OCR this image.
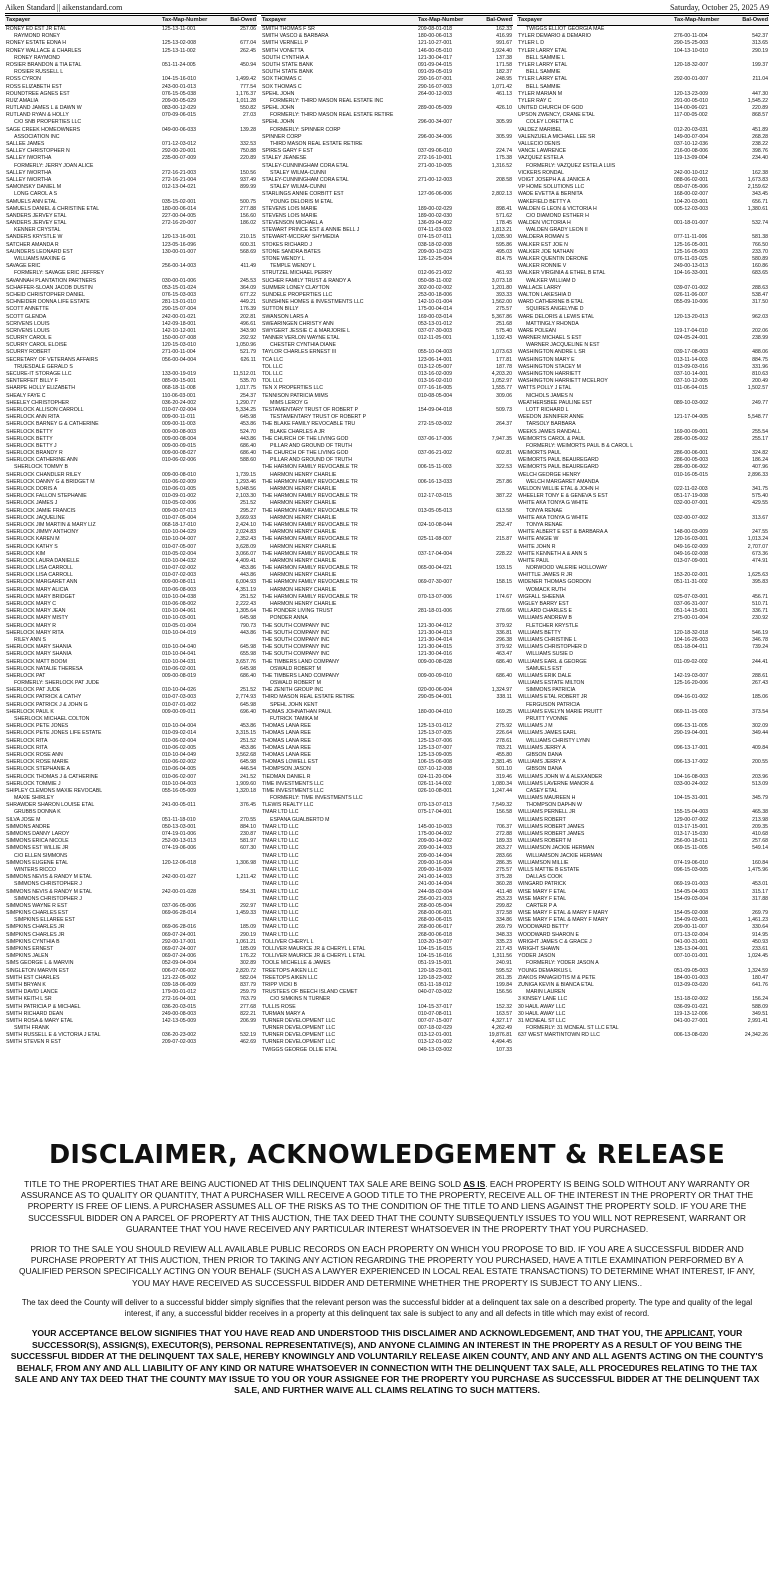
Aiken Standard || aikenstandard.com	Saturday, October 25, 2025 A9
Taxpayer	Tax-Map-Number	Bal-Owed
RONEY ED EST JR ETAL	125-13-11-001	257.06
RAYMOND RONEY
RONEY ESTATE EDNA H	125-13-02-008	677.04
RONEY WALLACE & CHARLES	125-13-11-002	262.45
RONEY RAYMOND
ROSIER BRANDON & TIA ETAL	051-11-24-005	450.94
ROSIER RUSSELL L
ROSS CYRON	104-15-16-010	1,499.42
ROSS ELIZABETH EST	243-00-01-013	777.54
ROUNDTREE AGNES EST	076-15-05-038	1,176.37
RUIZ AMALIA	209-00-05-029	1,011.28
RUTLAND JAMES L & DAWN W	083-00-12-029	550.82
RUTLAND RYAN & HOLLY	070-09-06-015	27.03
C/O SNB PROPERTIES LLC
SAGE CREEK HOMEOWNERS	049-00-06-033	139.28
ASSOCIATION INC
SALLEE JAMES	071-12-03-012	332.53
SALLEY CHRISTOPHER N	292-00-20-001	750.88
SALLEY IWORTHA	235-00-07-009	220.89
FORMERLY: JERRY JOAN ALICE
SALLEY IWORTHA	272-16-21-003	150.56
SALLEY IWORTHA	272-16-21-004	937.49
SAMONSKY DANIEL M	012-13-04-021	899.99
LONG CAROL A S
SAMUELS ANN ETAL	035-15-02-001	500.75
SAMUELS DANIEL & CHRISTINE ETAL	180-00-06-014	277.88
SANDERS JERVEY ETAL	227-00-04-005	156.60
SANDERS JERVEY ETAL	272-16-20-007	186.02
KENNER CRYSTAL
SANDERS KRYSTLE W	120-13-16-001	210.15
SATCHER AMANDA R	123-05-16-096	600.31
SAUNDERS LEONARD EST	130-00-01-007	568.69
WILLIAMS MAXINE G
SAVAGE ERIC	256-00-14-003	411.49
FORMERLY: SAVAGE ERIC JEFFREY
SAVANNAH PLANTATION PARTNERS	030-00-01-006	245.53
SCHAFFER-SLOAN JACOB DUSTIN	053-15-01-024	364.09
SCHEID CHRISTOPHER DANIEL	076-15-03-003	677.22
SCHNEIDER DONNA LIFE ESTATE	281-13-01-010	449.21
SCOTT ANNETTE	290-15-07-004	176.39
SCOTT GLENDA	242-00-01-021	202.81
SCRIVENS LOUIS	142-09-18-001	496.61
SCRIVENS LOUIS	142-10-12-001	343.90
SCURRY CAROL E	150-00-07-008	292.92
SCURRY CAROL ELOISE	120-15-03-010	1,050.96
SCURRY ROBERT	271-00-11-004	521.79
SECRETARY OF VETERANS AFFAIRS	056-00-04-004	626.11
TRUESDALE GERALD S
SECURE-IT STORAGE LLC	133-00-19-019	11,512.01
SENTERFEIT BILLY F	085-00-15-001	535.70
SHARPE HOLLY ELIZABETH	068-18-11-008	1,017.75
SHEALY FAYE C	110-06-03-001	254.37
SHEELEY CHRISTOPHER	036-20-24-002	1,290.77
SHERLOCK ALLISON CARROLL	010-07-02-004	5,334.25
SHERLOCK ANN RITA	009-00-11-011	645.98
SHERLOCK BARNEY G & CATHERINE	009-00-11-003	453.86
SHERLOCK BETTY	009-00-08-003	524.70
SHERLOCK BETTY	009-00-08-004	443.86
SHERLOCK BETTY J	009-00-09-015	686.40
SHERLOCK BRANDY R	009-00-08-027	686.40
SHERLOCK CATHERINE ANN	010-06-02-006	588.60
SHERLOCK TOMMY B
SHERLOCK CHANDLER RILEY	009-00-08-010	1,739.15
SHERLOCK DANNY G & BRIDGET M	010-06-02-009	1,293.46
SHERLOCK DORIS A	010-06-01-005	5,048.56
SHERLOCK FALLON STEPHANIE	010-09-01-002	2,103.30
SHERLOCK JAMES J	010-05-02-006	251.52
SHERLOCK JAMIE FRANCIS	009-00-07-013	295.27
SHERLOCK JAQUELINE	010-07-05-004	3,669.93
SHERLOCK JIM MARTIN & MARY LIZ	068-18-17-010	2,424.10
SHERLOCK JIMMY ANTHONY	010-10-04-029	2,024.83
SHERLOCK KAREN M	010-10-04-007	2,352.43
SHERLOCK KATHY S	010-07-05-007	3,628.09
SHERLOCK KIM	010-05-02-004	3,066.07
SHERLOCK LAURA DANIELLE	010-10-04-032	4,409.41
SHERLOCK LISA CARROLL	010-07-02-002	453.86
SHERLOCK LISA CARROLL	010-07-02-003	443.86
SHERLOCK MARGARET ANN	009-00-08-011	6,004.93
SHERLOCK MARY ALICIA	010-06-08-003	4,351.19
SHERLOCK MARY BRIDGET	010-10-04-038	251.52
SHERLOCK MARY C	010-06-08-002	2,222.43
SHERLOCK MARY JEAN	010-10-04-061	1,305.64
SHERLOCK MARY MISTY	010-10-03-001	645.98
SHERLOCK MARY R	010-05-01-004	790.73
SHERLOCK MARY RITA	010-10-04-019	443.86
RILEY ANN S
SHERLOCK MARY SHANIA	010-10-04-040	645.98
SHERLOCK MARY SHANIA	010-10-04-041	655.98
SHERLOCK MATT BOOM	010-10-04-031	3,657.76
SHERLOCK NATALIE THERESA	010-06-02-001	645.98
SHERLOCK PAT	009-00-08-019	686.40
FORMERLY: SHERLOCK PAT JUDE
SHERLOCK PAT JUDE	010-10-04-026	251.52
SHERLOCK PATRICK & CATHY	010-07-03-003	2,774.93
SHERLOCK PATRICK J & JOHN G	010-07-01-002	645.98
SHERLOCK PAUL K	009-00-09-011	696.40
SHERLOCK MICHAEL COLTON
SHERLOCK PETE JONES	010-10-04-004	453.86
SHERLOCK PETE JONES LIFE ESTATE	010-09-02-014	3,315.15
SHERLOCK RITA	010-06-02-004	251.52
SHERLOCK RITA	010-06-02-005	453.86
SHERLOCK ROSE ANN	010-10-04-049	3,562.68
SHERLOCK ROSE MARIE	010-06-02-002	645.98
SHERLOCK STEPHANIE A	010-06-04-005	446.54
SHERLOCK THOMAS J & CATHERINE	010-06-02-007	241.52
SHERLOCK TOMMIE J	010-10-04-003	1,909.60
SHIPLEY CLEMONS MAXIE REVOCABL	055-16-05-009	1,320.18
MAXIE SHIRLEY
SHRAWDER SHARON LOUISE ETAL	241-00-05-011	376.45
GRUBBS DONNA K
SILVA JOSE M	051-11-18-010	270.55
SIMMONS ANDRE	050-13-03-001	884.10
SIMMONS DANNY LAROY	074-19-01-006	230.87
SIMMONS ERICA NICOLE	252-00-13-013	581.97
SIMMONS EST WILLIE JR	074-19-06-006	607.30
C/O ELLEN SIMMONS
SIMMONS EUGENE ETAL	120-12-06-018	1,306.98
WINTERS RICCO
SIMMONS NEVIS & RANDY M ETAL	242-00-01-027	1,211.42
SIMMONS CHRISTOPHER J
SIMMONS NEVIS & RANDY M ETAL	242-00-01-028	554.31
SIMMONS CHRISTOPHER J
SIMMONS WAYNE R EST	037-06-05-006	292.97
SIMPKINS CHARLES EST	069-06-28-014	1,459.33
SIMPKINS ELLAREE EST
SIMPKINS CHARLES JR	069-06-28-016	185.09
SIMPKINS CHARLES JR	069-07-24-001	290.19
SIMPKINS CYNTHIA B	292-00-17-001	1,061.21
SIMPKINS ERNEST	069-07-24-007	185.09
SIMPKINS JALEN	069-07-24-006	176.22
SIMS GEORGE L & MARVIN	052-09-04-004	302.89
SINGLETON MARVIN EST	006-07-06-002	2,820.72
SMITH EST CHARLES	121-22-05-002	582.04
SMITH BRYAN K	039-18-06-009	837.79
SMITH DAVID LANCE	179-00-01-012	259.79
SMITH KEITH L SR	272-16-04-001	763.79
SMITH PATRICIA P & MICHAEL	036-20-03-015	277.68
SMITH RICHARD DEAN	249-00-08-003	822.21
SMITH ROSA & MARY ETAL	142-13-05-009	206.99
SMITH FRANK
SMITH RUSSELL E & VICTORIA J ETAL	036-20-23-002	532.19
SMITH STEVEN R EST	209-07-02-003	462.69
Taxpayer	Tax-Map-Number	Bal-Owed
SMITH THOMAS F SR	209-08-01-018	162.33
SMITH VASCO & BARBARA	180-00-06-013	416.99
SMITH VERNELL P	121-10-27-001	991.67
SMITH VONETTA	146-00-05-010	1,924.40
SOUTH CYNTHIA A	121-30-04-017	137.38
SOUTH STATE BANK	091-09-04-015	171.58
SOUTH STATE BANK	091-09-05-019	182.37
SOX THOMAS C	290-16-07-001	248.95
SOX THOMAS C	290-16-07-003	1,071.42
SPEHL JOHN	264-00-12-003	461.13
FORMERLY: THIRD MASON REAL ESTATE INC
SPEHL JOHN	289-00-05-009	426.10
FORMERLY: THIRD MASON REAL ESTATE RETIRE
SPEHL JOHN	296-00-34-007	305.99
FORMERLY: SPINNER CORP
SPINNER CORP	296-00-34-006	305.99
THIRD MASON REAL ESTATE RETIRE
SPIRES GARY F EST	037-09-06-010	224.74
STALEY JEANESE	272-16-10-001	175.38
STALEY-CUNNINGHAM CORA ETAL	271-00-10-005	1,316.52
STALEY WILMA-CUNNI
STALEY-CUNNINGHAM CORA ETAL	271-00-12-003	208.58
STALEY WILMA-CUNNI
STARLINGS ANNIE CORBITT EST	127-06-06-006	2,802.13
YOUNG DELORIS M ETAL
STEVENS LOIS MARIE	189-00-02-029	898.41
STEVENS LOIS MARIE	189-00-02-030	571.62
STEVENSON MICHAEL A	136-09-04-002	178.45
STEWART PRINCE EST & ANNIE BELL J	074-11-03-003	1,813.21
STEWART-MCCRAY SHYMEDIA	074-15-07-011	1,035.90
STOKES RICHARD J	038-18-02-008	595.86
STONE SANDRA BATES	209-00-10-023	495.03
STONE WENDY L	126-12-25-004	814.75
TEMPLE WENDY L
STRUTZEL MICHAEL PERRY	012-06-21-002	461.93
SUCHER FAMILY TRUST & RANDY A	050-08-11-002	3,073.18
SUMMER LONEY CLAYTON	302-00-02-002	1,201.80
SUNDELE PROPERTIES LLC	253-00-18-006	393.33
SUNSHINE HOMES & INVESTMENTS LLC	142-10-01-004	1,562.00
SUTTON BILLY	175-00-04-014	275.57
SWANSON LARS A	169-00-03-014	5,367.86
SWEARINGEN CHRISTY ANN	053-13-01-012	251.68
SWYGERT JESSIE C & MARJORIE L	037-07-30-003	575.40
TANNER VERLON WAYNE ETAL	012-11-05-001	1,192.43
CHESTER CYNTHIA DIANE
TAYLOR CHARLES ERNEST III	055-10-04-003	1,073.63
TCA LLC	123-06-14-001	177.81
TDL LLC	013-12-05-007	187.78
TDL LLC	013-16-02-009	4,203.20
TDL LLC	013-16-02-010	1,052.97
TEN X PROPERTIES LLC	077-16-16-005	1,555.77
TENNISON PATRICIA MIMS	010-08-05-004	309.06
MIMS LEROY G
TESTAMENTARY TRUST OF ROBERT P	154-09-04-018	509.73
TESTAMENTARY TRUST OF ROBERT P
THE BLAKE FAMILY REVOCABLE TRU	272-15-03-002	264.37
BLAKE CHARLES A JR
THE CHURCH OF THE LIVING GOD	037-06-17-006	7,947.35
PILLAR AND GROUND OF TRUTH
THE CHURCH OF THE LIVING GOD	037-06-21-002	602.81
PILLAR AND GROUND OF TRUTH
THE HARMON FAMILY REVOCABLE TR	006-15-11-003	322.53
HARMON HENRY CHARLIE
THE HARMON FAMILY REVOCABLE TR	006-16-13-033	257.86
HARMON HENRY CHARLIE
THE HARMON FAMILY REVOCABLE TR	012-17-03-015	387.22
HARMON HENRY CHARLIE
THE HARMON FAMILY REVOCABLE TR	013-05-05-013	613.58
HARMON HENRY CHARLIE
THE HARMON FAMILY REVOCABLE TR	024-10-08-044	252.47
HARMON HENRY CHARLIE
THE HARMON FAMILY REVOCABLE TR	025-11-08-007	215.87
HARMON HENRY CHARLIE
THE HARMON FAMILY REVOCABLE TR	037-17-04-004	228.22
HARMON HENRY CHARLIE
THE HARMON FAMILY REVOCABLE TR	065-00-04-021	193.15
HARMON HENRY CHARLIE
THE HARMON FAMILY REVOCABLE TR	069-07-30-007	158.15
HARMON HENRY CHARLIE
THE HARMON FAMILY REVOCABLE TR	070-13-07-006	174.67
HARMON HENRY CHARLIE
THE PONDER LIVING TRUST	281-18-01-006	278.66
PONDER ANNA
THE SOUTH COMPANY INC	121-30-04-012	379.92
THE SOUTH COMPANY INC	121-30-04-013	336.81
THE SOUTH COMPANY INC	121-30-04-014	296.38
THE SOUTH COMPANY INC	121-30-04-015	379.92
THE SOUTH COMPANY INC	121-30-04-016	463.47
THE TIMBERS LAND COMPANY	009-00-08-028	686.40
OSWALD ROBERT M
THE TIMBERS LAND COMPANY	009-00-09-010	686.40
OSWALD ROBERT M
THE ZENITH GROUP INC	020-00-06-004	1,324.97
THIRD MASON REAL ESTATE RETIRE	290-05-04-001	338.11
SPEHL JOHN KENT
THOMAS JOHNATHAN PAUL	180-00-04-010	169.25
FUTRICK TAMIKA M
THOMAS LANA REE	125-13-01-012	275.92
THOMAS LANA REE	125-13-07-005	226.64
THOMAS LANA REE	125-13-07-006	278.61
THOMAS LANA REE	125-13-07-007	783.21
THOMAS LANA REE	125-13-09-005	455.80
THOMAS LOWELL EST	106-15-06-008	2,381.45
THOMPSON JASON	037-10-12-008	501.10
TIEDMAN DANIEL R	024-11-20-004	319.46
TIME INVESTMENTS LLC	026-11-14-002	1,080.34
TIME INVESTMENTS LLC	026-10-08-001	1,247.44
FORMERLY: TIME INVESTMENTS LLC
TLEWIS REALTY LLC	070-13-07-013	7,549.32
TMAR LTD LLC	075-17-04-001	156.58
ESPANA GUALBERTO M
TMAR LTD LLC	145-00-10-003	706.37
TMAR LTD LLC	175-00-04-002	272.88
TMAR LTD LLC	209-00-14-002	189.33
TMAR LTD LLC	209-00-14-003	263.27
TMAR LTD LLC	209-00-14-004	283.66
TMAR LTD LLC	209-00-16-004	286.35
TMAR LTD LLC	209-00-16-009	275.57
TMAR LTD LLC	241-00-14-003	375.28
TMAR LTD LLC	241-00-14-004	360.28
TMAR LTD LLC	244-08-02-004	411.48
TMAR LTD LLC	256-00-21-003	253.23
TMAR LTD LLC	268-00-05-004	299.82
TMAR LTD LLC	268-00-06-001	372.58
TMAR LTD LLC	268-00-06-015	334.86
TMAR LTD LLC	268-00-06-017	269.79
TMAR LTD LLC	268-00-06-018	348.33
TOLLIVER CHERYL L	103-20-15-007	335.23
TOLLIVER MAURICE JR & CHERYL L ETAL	104-15-16-015	217.43
TOLLIVER MAURICE JR & CHERYL L ETAL	104-15-16-016	1,311.56
TOOLE MICHELLE & JAMES	051-19-15-001	240.91
TREETOPS AIKEN LLC	120-18-23-001	595.52
TREETOPS AIKEN LLC	120-18-23-002	261.35
TRIPP VICKI B	051-11-18-012	199.84
TRUSTEES OF BEECH ISLAND CEMET	040-07-03-002	156.56
C/O SIMKINS N TURNER
TULLIS ROSE	104-15-37-017	152.32
TURMAN MARY A	010-07-08-011	163.57
TURNER DEVELOPMENT LLC	007-07-15-007	4,327.17
TURNER DEVELOPMENT LLC	007-18-02-029	4,262.49
TURNER DEVELOPMENT LLC	013-12-01-001	19,876.81
TURNER DEVELOPMENT LLC	013-12-01-002	4,494.45
TWIGGS GEORGE OLLIE ETAL	049-13-03-002	107.33
Taxpayer	Tax-Map-Number	Bal-Owed
TWIGGS ELLIOT GEORGIA MAE
TYLER DEMARIO & DEMARIO	276-00-11-004	542.37
TYLER L D	290-15-25-003	313.65
TYLER LARRY ETAL	104-13-10-010	290.19
BELL SAMMIE L
TYLER LARRY ETAL	120-18-32-007	199.37
BELL SAMMIE
TYLER LARRY ETAL	292-00-01-007	211.04
BELL SAMMIE
TYLER MARIAN M	120-13-23-009	447.30
TYLER RAY C	291-00-05-010	1,545.22
UNITED CHURCH OF GOD	114-00-06-021	220.89
UPSON ZWENCY, CRANE ETAL	117-00-05-002	868.57
COLEY LORETTA C
VALDEZ MARIBEL	012-20-03-031	451.89
VALENZUELA MICHAEL LEE SR	149-00-07-004	268.28
VALLECIO DENIS	037-10-12-036	238.22
VANCE LAWRENCE	216-00-08-006	398.76
VAZQUEZ ESTELA	119-13-09-004	234.40
FORMERLY: VAZQUEZ ESTELA LUIS
VICKERS RONDAL	242-00-10-012	162.38
VOIGT JOSEPH A & JANICE A	088-06-02-001	1,673.83
VP HOME SOLUTIONS LLC	050-07-05-006	2,159.62
WADE EVETTA & BERNITA	168-00-02-007	343.45
WAKEFIELD BETTY A	104-20-03-001	656.71
WALDEN G LEON & VICTORIA H	005-12-03-003	1,380.61
C/O DIAMOND ESTHER H
WALDEN VICTORIA H	001-18-01-007	532.74
WALDEN GRADY LEON II
WALDERA ROMAN S	077-11-11-006	581.38
WALKER EST JOE N	125-16-05-001	766.50
WALKER JOE NATHAN	125-16-05-003	233.70
WALKER QUENTIN DERONE	076-11-03-025	580.89
WALKER RONNIE V	249-00-13-013	160.86
WALKER VIRGINIA & ETHEL B ETAL	104-16-33-001	683.65
WALKER WILLIAM D
WALLACE LARRY	039-07-01-002	288.63
WALTON LAKESHIA D	026-11-06-007	538.47
WARD CATHERINE B ETAL	055-09-10-006	317.50
SQUIRES ANGELYNE D
WARE DELORIS & LEWIS ETAL	120-13-20-013	962.03
MATTINGLY RHONDA
WARE POLEAN	119-17-04-010	202.06
WARNER MICHAEL S EST	024-05-24-001	238.99
WARNER JACQUELINE N EST
WASHINGTON ANDRE L SR	039-17-08-003	488.06
WASHINGTON MARY E	013-11-14-003	884.75
WASHINGTON STACEY M	013-09-03-016	331.96
WASHINGTON HARRIETT	037-10-14-001	810.63
WASHINGTON HARRIETT MCELROY	037-10-12-005	200.49
WATTS POLLY J ETAL	011-06-04-015	1,502.57
NICHOLS JAMES N
WEATHERSBEE PAULINE EST	089-10-03-002	249.77
LOTT RICHARD L
WEEDON JENNIFER ANNE	121-17-04-005	5,548.77
TARSOLY BARBARA
WEEKS JAMES RANDALL	169-00-09-001	255.54
WEIMORTS CAROL & PAUL	286-00-05-002	255.17
FORMERLY: WEIMORTS PAUL B & CAROL L
WEIMORTS PAUL	286-00-06-001	324.82
WEIMORTS PAUL BEAUREGARD	286-00-05-003	186.24
WEIMORTS PAUL BEAUREGARD	286-00-06-002	407.96
WELCH GEORGE HENRY	010-16-05-015	2,896.33
WELCH MARGARET AMANDA
WELDON WILLIE ETAL & JOHN H	022-11-02-003	341.75
WHEELER TONY E & GENEVA S EST	051-17-19-008	575.40
WHITE AKA TONYA G WHITE	032-00-07-001	429.55
TONYA RENAE
WHITE AKA TONYA G WHITE	032-00-07-002	313.67
TONYA RENAE
WHITE ALBERT E EST & BARBARA A	148-00-03-009	247.55
WHITE ANGIE W	120-16-03-001	1,013.24
WHITE JOHN R	049-16-02-009	2,707.07
WHITE KENNETH A & ANN S	049-16-02-008	673.36
WHITE PAUL	013-07-09-001	474.91
NORWOOD VALERIE HOLLOWAY
WHITTLE JAMES R JR	153-20-02-001	1,625.63
WIDENER THOMAS GORDON	051-11-31-002	395.83
WOMACK RUTH
WIGFALL SHEENIA	025-07-03-001	456.71
WIGLEY BARRY EST	037-06-31-007	510.71
WILLARD CHARLES E	051-14-15-001	336.71
WILLIAMS ANDREW B	275-00-01-004	230.92
FLETCHER KRYSTLE
WILLIAMS BETTY	120-18-32-018	546.19
WILLIAMS CHRISTINE L	104-16-26-003	346.78
WILLIAMS CHRISTOPHER D	051-18-04-011	739.24
WILLIAMS SUSIE D
WILLIAMS EARL & GEORGE	011-09-02-002	244.41
SAMUELS EST
WILLIAMS ERIK DALE	142-19-03-007	288.61
WILLIAMS ESTATE MILTON	125-16-20-006	267.43
SIMMONS PATRICIA
WILLIAMS ETAL ROBERT JR	094-16-01-002	185.06
FERGUSON PATRICIA
WILLIAMS EVELYN MARIE PRUITT	069-11-15-003	373.54
PRUITT YVONNE
WILLIAMS J M	096-13-11-005	302.09
WILLIAMS JAMES EARL	290-19-04-001	349.44
WILLIAMS CHRISTY LYNN
WILLIAMS JERRY A	096-13-17-001	409.84
GIBSON DANA
WILLIAMS JERRY A	096-13-17-002	200.55
GIBSON DANA
WILLIAMS JOHN W & ALEXANDER	104-16-08-003	203.96
WILLIAMS LAVERNE MANOR &	033-00-24-002	513.09
CASEY ETAL
WILLIAMS MAUREEN H	104-15-31-001	345.79
THOMPSON DAPHN W
WILLIAMS PERNELL JR	155-15-04-003	465.38
WILLIAMS ROBERT	129-00-07-002	213.98
WILLIAMS ROBERT JAMES	013-17-15-001	209.35
WILLIAMS ROBERT JAMES	013-17-15-030	410.68
WILLIAMS ROBERT M	256-00-18-011	257.68
WILLIAMSON JACKIE HERMAN	069-15-11-005	549.14
WILLIAMSON JACKIE HERMAN
WILLIAMSON MILLIE	074-19-06-010	160.84
WILLS MATTIE B ESTATE	096-15-03-005	1,475.96
DALLAS COOK
WINGARD PATRICK	069-19-01-003	453.01
WISE MARY F ETAL	154-05-04-003	315.17
WISE MARY F ETAL	154-09-03-004	317.88
CARTER P A
WISE MARY F ETAL & MARY F MARY	154-05-02-008	269.79
WISE MARY F ETAL & MARY F MARY	154-09-03-001	1,461.23
WOODWARD BETTY	209-00-11-007	330.64
WOODWARD SHARON E	071-13-02-004	914.95
WRIGHT JAMES C & GRACE J	041-00-31-001	450.93
WRIGHT SHAWN	135-13-04-001	233.61
YODER JASON	007-10-01-001	1,024.45
FORMERLY: YODER JASON A
YOUNG DEMARKUS L	051-09-05-003	1,324.59
ZIAKOS PANAGIOTIS M & PETE	184-00-01-003	180.47
ZUNIGA KEVIN & BIANCA ETAL	013-09-03-020	641.76
MARIN LAUREN
3 KINSEY LANE LLC	151-18-02-002	156.24
30 HAUL AWAY LLC	036-09-01-021	588.09
30 HAUL AWAY LLC	119-13-12-006	349.51
31 MCNEAL ST LLC	041-00-27-001	2,991.41
FORMERLY: 31 MCNEAL ST LLC ETAL
637 WEST MARTINTOWN RD LLC	006-13-08-020	24,342.26
DISCLAIMER, ACKNOWLEDGEMENT & RELEASE

TITLE TO THE PROPERTIES THAT ARE BEING AUCTIONED AT THIS DELINQUENT TAX SALE ARE BEING SOLD AS IS. EACH PROPERTY IS BEING SOLD WITHOUT ANY WARRANTY OR ASSURANCE AS TO QUALITY OR QUANTITY, THAT A PURCHASER WILL RECEIVE A GOOD TITLE TO THE PROPERTY, RECEIVE ALL OF THE INTEREST IN THE PROPERTY OR THAT THE PROPERTY IS FREE OF LIENS. A PURCHASER ASSUMES ALL OF THE RISKS AS TO THE CONDITION OF THE TITLE TO AND LIENS AGAINST THE PROPERTY SOLD. IF YOU ARE THE SUCCESSFUL BIDDER ON A PARCEL OF PROPERTY AT THIS AUCTION, THE TAX DEED THAT THE COUNTY SUBSEQUENTLY ISSUES TO YOU WILL NOT REPRESENT, WARRANT OR GUARANTEE THAT YOU HAVE RECEIVED ANY PARTICULAR INTEREST WHATSOEVER IN THE PROPERTY THAT YOU PURCHASED.

PRIOR TO THE SALE YOU SHOULD REVIEW ALL AVAILABLE PUBLIC RECORDS ON EACH PROPERTY ON WHICH YOU PROPOSE TO BID. IF YOU ARE A SUCCESSFUL BIDDER AND PURCHASE PROPERTY AT THIS AUCTION, THEN PRIOR TO TAKING ANY ACTION REGARDING THE PROPERTY YOU PURCHASED, HAVE A TITLE EXAMINATION PERFORMED BY A QUALIFIED PERSON SPECIFICALLY ACTING ON YOUR BEHALF (SUCH AS A LAWYER EXPERIENCED IN LOCAL REAL ESTATE TRANSACTIONS) TO DETERMINE WHAT INTEREST, IF ANY, YOU MAY HAVE RECEIVED AS SUCCESSFUL BIDDER AND DETERMINE WHETHER THE PROPERTY IS SUBJECT TO ANY LIENS..

The tax deed the County will deliver to a successful bidder simply signifies that the relevant person was the successful bidder at a delinquent tax sale on a described property. The type and quality of the legal interest, if any, a successful bidder receives in a property at this delinquent tax sale is subject to any and all defects in title which may exist of record.

YOUR ACCEPTANCE BELOW SIGNIFIES THAT YOU HAVE READ AND UNDERSTOOD THIS DISCLAIMER AND ACKNOWLEDGEMENT, AND THAT YOU, THE APPLICANT, YOUR SUCCESSOR(S), ASSIGN(S), EXECUTOR(S), PERSONAL REPRESENTATIVE(S), AND ANYONE CLAIMING AN INTEREST IN THE PROPERTY AS A RESULT OF YOU BEING THE SUCCESSFUL BIDDER AT THE DELINQUENT TAX SALE, HEREBY KNOWINGLY AND VOLUNTARILY RELEASE AIKEN COUNTY, AND ANY AND ALL AGENTS ACTING ON THE COUNTY'S BEHALF, FROM ANY AND ALL LIABILITY OF ANY KIND OR NATURE WHATSOEVER IN CONNECTION WITH THE DELINQUENT TAX SALE, ALL PROCEDURES RELATING TO THE TAX SALE AND ANY TAX DEED THAT THE COUNTY MAY ISSUE TO YOU OR YOUR ASSIGNEE FOR THE PROPERTY YOU PURCHASE AS SUCCESSFUL BIDDER AT THE DELINQUENT TAX SALE, AND FURTHER WAIVE ALL CLAIMS RELATING TO SUCH MATTERS.
